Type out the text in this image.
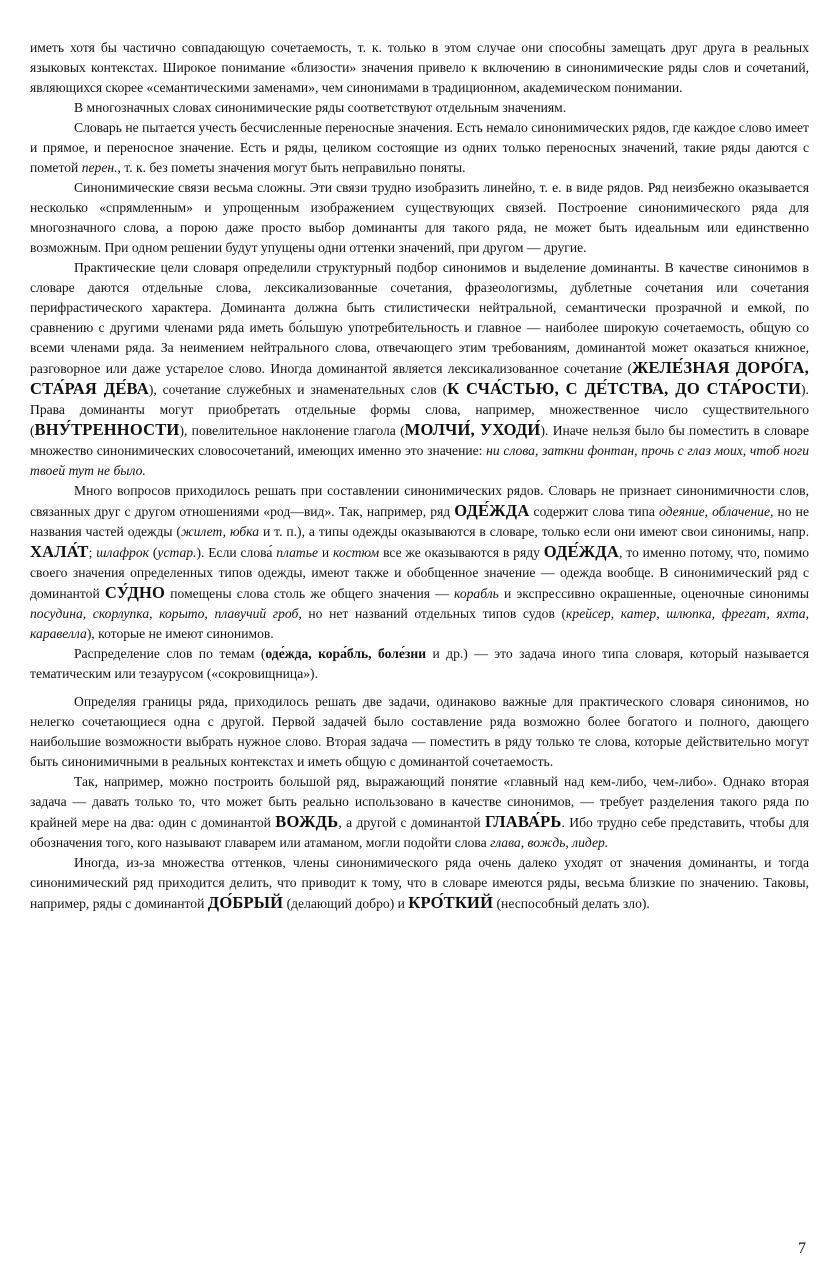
иметь хотя бы частично совпадающую сочетаемость, т. к. только в этом случае они способны замещать друг друга в реальных языковых контекстах. Широкое понимание «близости» значения привело к включению в синонимические ряды слов и сочетаний, являющихся скорее «семантическими заменами», чем синонимами в традиционном, академическом понимании.

В многозначных словах синонимические ряды соответствуют отдельным значениям.

Словарь не пытается учесть бесчисленные переносные значения. Есть немало синонимических рядов, где каждое слово имеет и прямое, и переносное значение. Есть и ряды, целиком состоящие из одних только переносных значений, такие ряды даются с пометой перен., т. к. без пометы значения могут быть неправильно поняты.

Синонимические связи весьма сложны. Эти связи трудно изобразить линейно, т. е. в виде рядов. Ряд неизбежно оказывается несколько «спрямленным» и упрощенным изображением существующих связей. Построение синонимического ряда для многозначного слова, а порою даже просто выбор доминанты для такого ряда, не может быть идеальным или единственно возможным. При одном решении будут упущены одни оттенки значений, при другом — другие.

Практические цели словаря определили структурный подбор синонимов и выделение доминанты. В качестве синонимов в словаре даются отдельные слова, лексикализованные сочетания, фразеологизмы, дублетные сочетания или сочетания перифрастического характера. Доминанта должна быть стилистически нейтральной, семантически прозрачной и емкой, по сравнению с другими членами ряда иметь бо́льшую употребительность и главное — наиболее широкую сочетаемость, общую со всеми членами ряда. За неимением нейтрального слова, отвечающего этим требованиям, доминантой может оказаться книжное, разговорное или даже устарелое слово. Иногда доминантой является лексикализованное сочетание (ЖЕЛЕ́ЗНАЯ ДОРО́ГА, СТА́РАЯ ДЕ́ВА), сочетание служебных и знаменательных слов (К СЧА́СТЬЮ, С ДЕ́ТСТВА, ДО СТА́РОСТИ). Права доминанты могут приобретать отдельные формы слова, например, множественное число существительного (ВНУ́ТРЕННОСТИ), повелительное наклонение глагола (МОЛЧИ́, УХОДИ́). Иначе нельзя было бы поместить в словаре множество синонимических словосочетаний, имеющих именно это значение: ни слова, заткни фонтан, прочь с глаз моих, чтоб ноги твоей тут не было.

Много вопросов приходилось решать при составлении синонимических рядов. Словарь не признает синонимичности слов, связанных друг с другом отношениями «род—вид». Так, например, ряд ОДЕ́ЖДА содержит слова типа одеяние, облачение, но не названия частей одежды (жилет, юбка и т. п.), а типы одежды оказываются в словаре, только если они имеют свои синонимы, напр. ХАЛА́Т; шлафрок (устар.). Если слова́ платье и костюм все же оказываются в ряду ОДЕ́ЖДА, то именно потому, что, помимо своего значения определенных типов одежды, имеют также и обобщенное значение — одежда вообще. В синонимический ряд с доминантой СУ́ДНО помещены слова столь же общего значения — корабль и экспрессивно окрашенные, оценочные синонимы посудина, скорлупка, корыто, плавучий гроб, но нет названий отдельных типов судов (крейсер, катер, шлюпка, фрегат, яхта, каравелла), которые не имеют синонимов.

Распределение слов по темам (оде́жда, кора́бль, боле́зни и др.) — это задача иного типа словаря, который называется тематическим или тезаурусом («сокровищница»).

Определяя границы ряда, приходилось решать две задачи, одинаково важные для практического словаря синонимов, но нелегко сочетающиеся одна с другой. Первой задачей было составление ряда возможно более богатого и полного, дающего наибольшие возможности выбрать нужное слово. Вторая задача — поместить в ряду только те слова, которые действительно могут быть синонимичными в реальных контекстах и иметь общую с доминантой сочетаемость.

Так, например, можно построить большой ряд, выражающий понятие «главный над кем-либо, чем-либо». Однако вторая задача — давать только то, что может быть реально использовано в качестве синонимов, — требует разделения такого ряда по крайней мере на два: один с доминантой ВОЖДЬ, а другой с доминантой ГЛАВА́РЬ. Ибо трудно себе представить, чтобы для обозначения того, кого называют главарем или атаманом, могли подойти слова глава, вождь, лидер.

Иногда, из-за множества оттенков, члены синонимического ряда очень далеко уходят от значения доминанты, и тогда синонимический ряд приходится делить, что приводит к тому, что в словаре имеются ряды, весьма близкие по значению. Таковы, например, ряды с доминантой ДО́БРЫЙ (делающий добро) и КРО́ТКИЙ (неспособный делать зло).

7
